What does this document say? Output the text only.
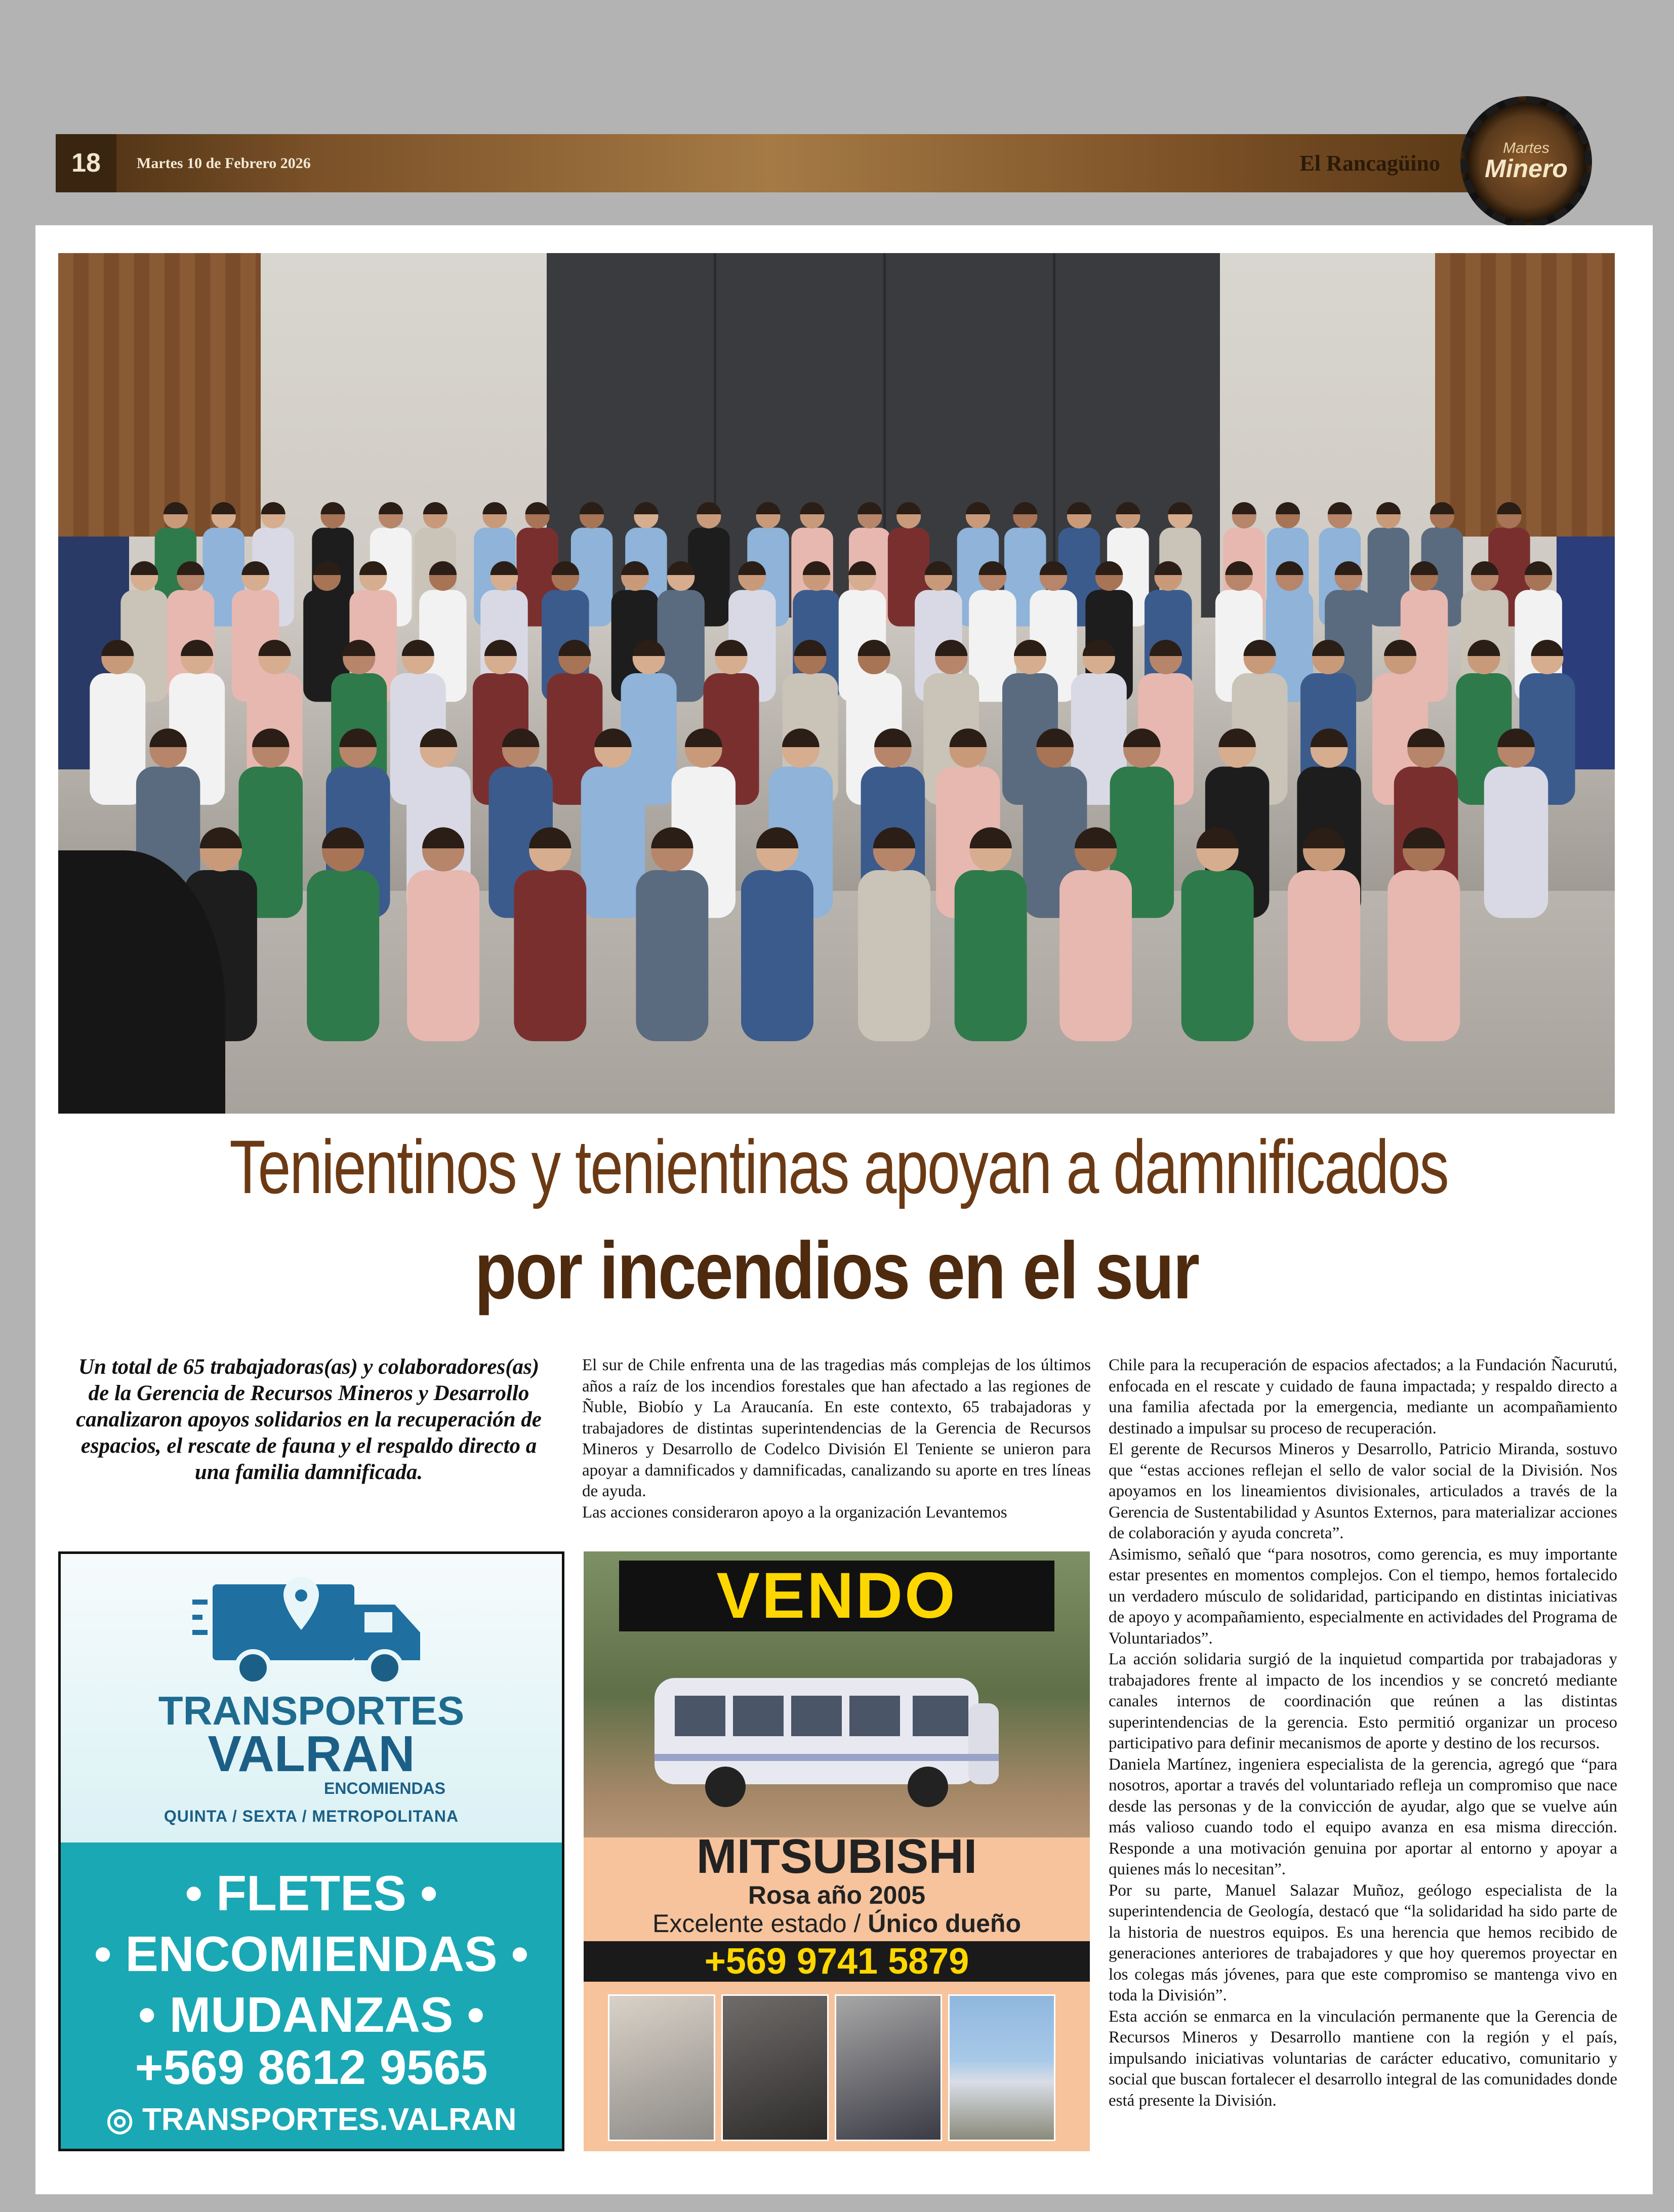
18	Martes 10 de Febrero 2026	El Rancagüino
Martes
Minero
Tenientinos y tenientinas apoyan a damnificados
por incendios en el sur
Un total de 65 trabajadoras(as) y colaboradores(as) de la Gerencia de Recursos Mineros y Desarrollo canalizaron apoyos solidarios en la recuperación de espacios, el rescate de fauna y el respaldo directo a una familia damnificada.

El sur de Chile enfrenta una de las tragedias más complejas de los últimos años a raíz de los incendios forestales que han afectado a las regiones de Ñuble, Biobío y La Araucanía. En este contexto, 65 trabajadoras y trabajadores de distintas superintendencias de la Gerencia de Recursos Mineros y Desarrollo de Codelco División El Teniente se unieron para apoyar a damnificados y damnificadas, canalizando su aporte en tres líneas de ayuda.

Las acciones consideraron apoyo a la organización Levantemos

Chile para la recuperación de espacios afectados; a la Fundación Ñacurutú, enfocada en el rescate y cuidado de fauna impactada; y respaldo directo a una familia afectada por la emergencia, mediante un acompañamiento destinado a impulsar su proceso de recuperación.

El gerente de Recursos Mineros y Desarrollo, Patricio Miranda, sostuvo que “estas acciones reflejan el sello de valor social de la División. Nos apoyamos en los lineamientos divisionales, articulados a través de la Gerencia de Sustentabilidad y Asuntos Externos, para materializar acciones de colaboración y ayuda concreta”.

Asimismo, señaló que “para nosotros, como gerencia, es muy importante estar presentes en momentos complejos. Con el tiempo, hemos fortalecido un verdadero músculo de solidaridad, participando en distintas iniciativas de apoyo y acompañamiento, especialmente en actividades del Programa de Voluntariados”.

La acción solidaria surgió de la inquietud compartida por trabajadoras y trabajadores frente al impacto de los incendios y se concretó mediante canales internos de coordinación que reúnen a las distintas superintendencias de la gerencia. Esto permitió organizar un proceso participativo para definir mecanismos de aporte y destino de los recursos.

Daniela Martínez, ingeniera especialista de la gerencia, agregó que “para nosotros, aportar a través del voluntariado refleja un compromiso que nace desde las personas y de la convicción de ayudar, algo que se vuelve aún más valioso cuando todo el equipo avanza en esa misma dirección. Responde a una motivación genuina por aportar al entorno y apoyar a quienes más lo necesitan”.

Por su parte, Manuel Salazar Muñoz, geólogo especialista de la superintendencia de Geología, destacó que “la solidaridad ha sido parte de la historia de nuestros equipos. Es una herencia que hemos recibido de generaciones anteriores de trabajadores y que hoy queremos proyectar en los colegas más jóvenes, para que este compromiso se mantenga vivo en toda la División”.

Esta acción se enmarca en la vinculación permanente que la Gerencia de Recursos Mineros y Desarrollo mantiene con la región y el país, impulsando iniciativas voluntarias de carácter educativo, comunitario y social que buscan fortalecer el desarrollo integral de las comunidades donde está presente la División.

TRANSPORTES
VALRAN
ENCOMIENDAS
QUINTA / SEXTA / METROPOLITANA
• FLETES •
• ENCOMIENDAS •
• MUDANZAS •
+569 8612 9565
◎ TRANSPORTES.VALRAN
VENDO
MITSUBISHI
Rosa año 2005
Excelente estado / Único dueño
+569 9741 5879
